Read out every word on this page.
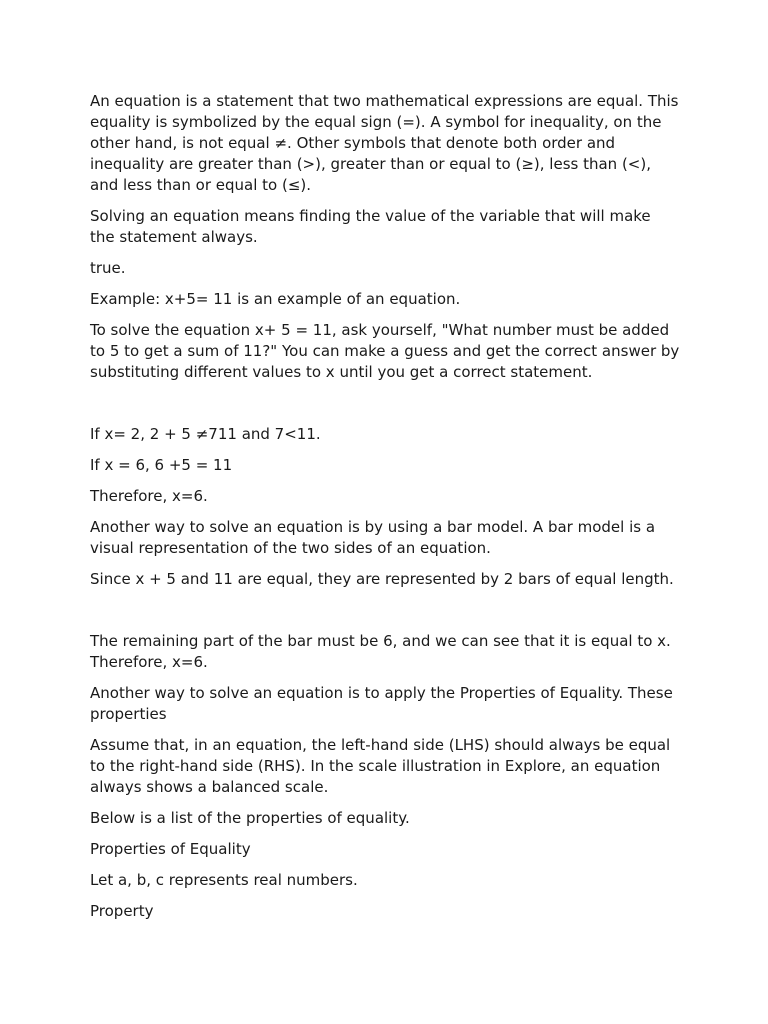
An equation is a statement that two mathematical expressions are equal. This equality is symbolized by the equal sign (=). A symbol for inequality, on the other hand, is not equal ≠. Other symbols that denote both order and inequality are greater than (>), greater than or equal to (≥), less than (<), and less than or equal to (≤).

Solving an equation means finding the value of the variable that will make the statement always.

true.

Example: x+5= 11 is an example of an equation.

To solve the equation x+ 5 = 11, ask yourself, "What number must be added to 5 to get a sum of 11?" You can make a guess and get the correct answer by substituting different values to x until you get a correct statement.

If x= 2, 2 + 5 ≠711 and 7<11.

If x = 6, 6 +5 = 11

Therefore, x=6.

Another way to solve an equation is by using a bar model. A bar model is a visual representation of the two sides of an equation.

Since x + 5 and 11 are equal, they are represented by 2 bars of equal length.

The remaining part of the bar must be 6, and we can see that it is equal to x. Therefore, x=6.

Another way to solve an equation is to apply the Properties of Equality. These properties

Assume that, in an equation, the left-hand side (LHS) should always be equal to the right-hand side (RHS). In the scale illustration in Explore, an equation always shows a balanced scale.

Below is a list of the properties of equality.

Properties of Equality

Let a, b, c represents real numbers.

Property
